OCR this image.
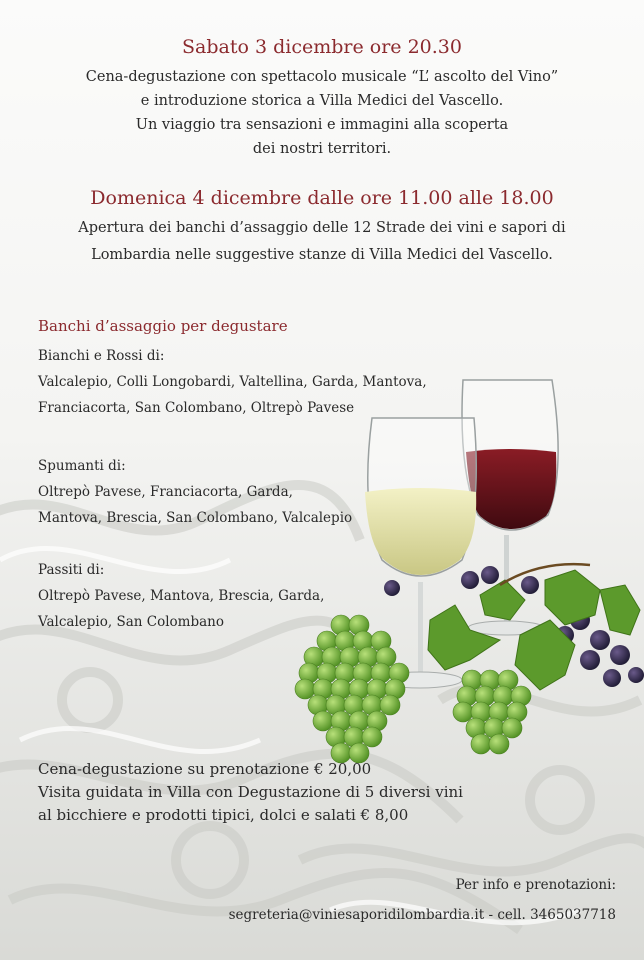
Sabato 3 dicembre ore 20.30
Cena-degustazione con spettacolo musicale “L’ ascolto del Vino”
e introduzione storica a Villa Medici del Vascello.
Un viaggio tra sensazioni e immagini alla scoperta
dei nostri territori.
Domenica 4 dicembre dalle ore 11.00 alle 18.00
Apertura dei banchi d’assaggio delle 12 Strade dei vini e sapori di
Lombardia nelle suggestive stanze di Villa Medici del Vascello.
Banchi d’assaggio per degustare
Bianchi e Rossi di:
Valcalepio, Colli Longobardi, Valtellina, Garda, Mantova,
Franciacorta, San Colombano, Oltrepò Pavese
Spumanti di:
Oltrepò Pavese, Franciacorta, Garda,
Mantova, Brescia, San Colombano, Valcalepio
Passiti di:
Oltrepò Pavese, Mantova, Brescia, Garda,
Valcalepio, San Colombano
Cena-degustazione su prenotazione € 20,00
Visita guidata in Villa con Degustazione di 5 diversi vini
al bicchiere e prodotti tipici, dolci e salati € 8,00
Per info e prenotazioni:
segreteria@viniesaporidilombardia.it - cell. 3465037718
